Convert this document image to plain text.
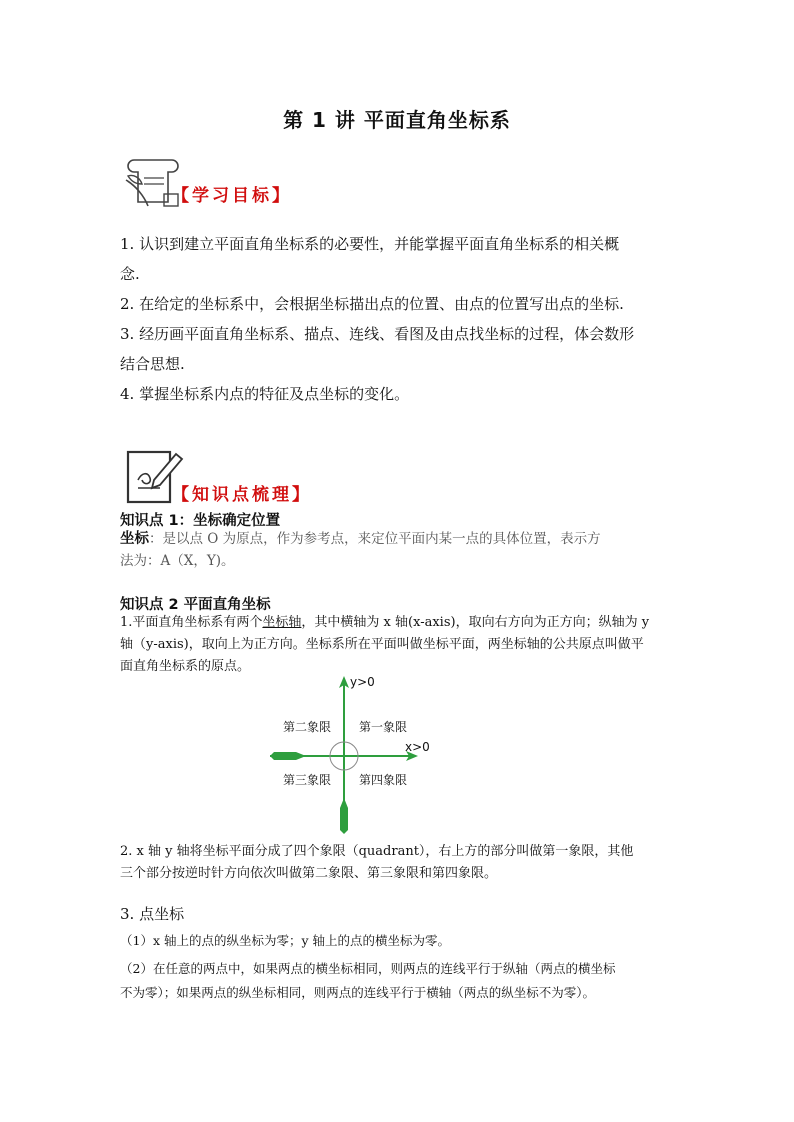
第 1 讲 平面直角坐标系
【学习目标】
1. 认识到建立平面直角坐标系的必要性，并能掌握平面直角坐标系的相关概
念.
2. 在给定的坐标系中，会根据坐标描出点的位置、由点的位置写出点的坐标.
3. 经历画平面直角坐标系、描点、连线、看图及由点找坐标的过程，体会数形
结合思想.
4. 掌握坐标系内点的特征及点坐标的变化。
【知识点梳理】
知识点 1：坐标确定位置
坐标：是以点 O 为原点，作为参考点，来定位平面内某一点的具体位置，表示方
法为：A（X，Y)。
知识点 2 平面直角坐标
1.平面直角坐标系有两个坐标轴，其中横轴为 x 轴(x-axis)，取向右方向为正方向；纵轴为 y
轴（y-axis)，取向上为正方向。坐标系所在平面叫做坐标平面，两坐标轴的公共原点叫做平
面直角坐标系的原点。
y>0
x>0
第二象限 第一象限
第三象限 第四象限
2. x 轴 y 轴将坐标平面分成了四个象限（quadrant），右上方的部分叫做第一象限，其他
三个部分按逆时针方向依次叫做第二象限、第三象限和第四象限。
3. 点坐标
（1）x 轴上的点的纵坐标为零；y 轴上的点的横坐标为零。
（2）在任意的两点中，如果两点的横坐标相同，则两点的连线平行于纵轴（两点的横坐标
不为零）；如果两点的纵坐标相同，则两点的连线平行于横轴（两点的纵坐标不为零）。
